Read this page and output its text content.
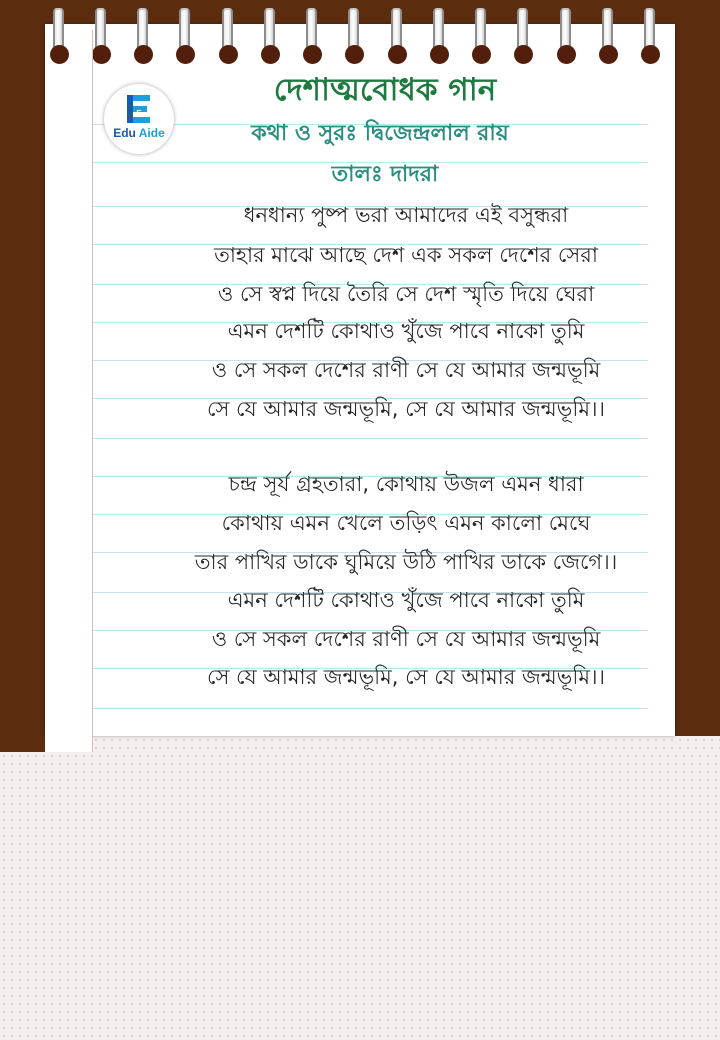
E
Edu Aide
দেশাত্মবোধক গান
কথা ও সুরঃ দ্বিজেন্দ্রলাল রায়
তালঃ দাদরা
ধনধান্য পুষ্প ভরা আমাদের এই বসুন্ধরা
তাহার মাঝে আছে দেশ এক সকল দেশের সেরা
ও সে স্বপ্ন দিয়ে তৈরি সে দেশ স্মৃতি দিয়ে ঘেরা
এমন দেশটি কোথাও খুঁজে পাবে নাকো তুমি
ও সে সকল দেশের রাণী সে যে আমার জন্মভূমি
সে যে আমার জন্মভূমি, সে যে আমার জন্মভূমি।।
চন্দ্র সূর্য গ্রহতারা, কোথায় উজল এমন ধারা
কোথায় এমন খেলে তড়িৎ এমন কালো মেঘে
তার পাখির ডাকে ঘুমিয়ে উঠি পাখির ডাকে জেগে।।
এমন দেশটি কোথাও খুঁজে পাবে নাকো তুমি
ও সে সকল দেশের রাণী সে যে আমার জন্মভূমি
সে যে আমার জন্মভূমি, সে যে আমার জন্মভূমি।।
